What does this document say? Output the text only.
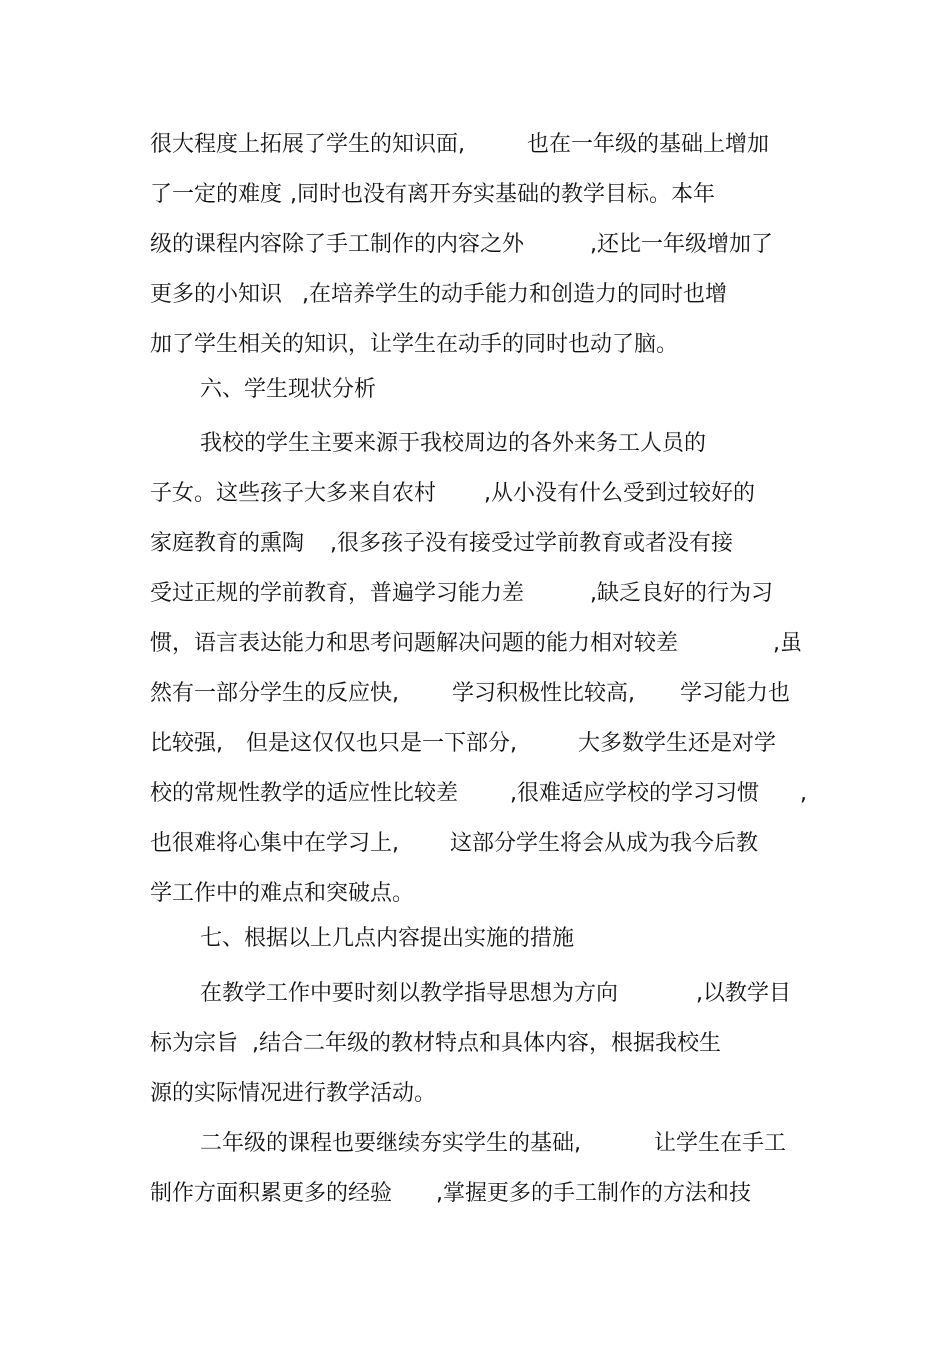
很大程度上拓展了学生的知识面,

	也在一年级的基础上增加

了一定的难度

,同时也没有离开夯实基础的教学目标。本年

级的课程内容除了手工制作的内容之外

	,还比一年级增加了

更多的小知识

,在培养学生的动手能力和创造力的同时也增

加了学生相关的知识，让学生在动手的同时也动了脑。

六、学生现状分析

我校的学生主要来源于我校周边的各外来务工人员的

子女。这些孩子大多来自农村

,从小没有什么受到过较好的

家庭教育的熏陶

,很多孩子没有接受过学前教育或者没有接

受过正规的学前教育，普遍学习能力差

	,缺乏良好的行为习

惯，语言表达能力和思考问题解决问题的能力相对较差

	,虽

然有一部分学生的反应快,

学习积极性比较高,

学习能力也

比较强,

但是这仅仅也只是一下部分,

	大多数学生还是对学

校的常规性教学的适应性比较差

,很难适应学校的学习习惯

,

也很难将心集中在学习上,

这部分学生将会从成为我今后教

学工作中的难点和突破点。

七、根据以上几点内容提出实施的措施

在教学工作中要时刻以教学指导思想为方向

	,以教学目

标为宗旨

,结合二年级的教材特点和具体内容，根据我校生

源的实际情况进行教学活动。

二年级的课程也要继续夯实学生的基础,

	让学生在手工

制作方面积累更多的经验

,掌握更多的手工制作的方法和技
